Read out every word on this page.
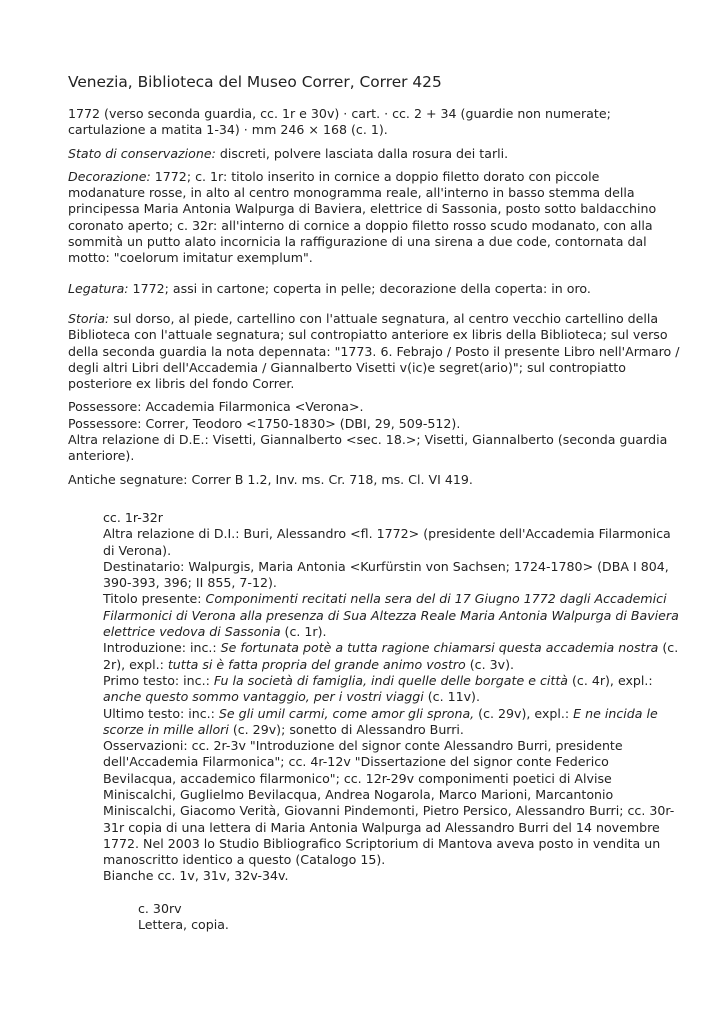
Venezia, Biblioteca del Museo Correr, Correr 425
1772 (verso seconda guardia, cc. 1r e 30v) · cart. · cc. 2 + 34 (guardie non numerate; cartulazione a matita 1-34) · mm 246 × 168 (c. 1).
Stato di conservazione: discreti, polvere lasciata dalla rosura dei tarli.
Decorazione: 1772; c. 1r: titolo inserito in cornice a doppio filetto dorato con piccole modanature rosse, in alto al centro monogramma reale, all'interno in basso stemma della principessa Maria Antonia Walpurga di Baviera, elettrice di Sassonia, posto sotto baldacchino coronato aperto; c. 32r: all'interno di cornice a doppio filetto rosso scudo modanato, con alla sommità un putto alato incornicia la raffigurazione di una sirena a due code, contornata dal motto: "coelorum imitatur exemplum".
Legatura: 1772; assi in cartone; coperta in pelle; decorazione della coperta: in oro.
Storia: sul dorso, al piede, cartellino con l'attuale segnatura, al centro vecchio cartellino della Biblioteca con l'attuale segnatura; sul contropiatto anteriore ex libris della Biblioteca; sul verso della seconda guardia la nota depennata: "1773. 6. Febrajo / Posto il presente Libro nell'Armaro / degli altri Libri dell'Accademia / Giannalberto Visetti v(ic)e segret(ario)"; sul contropiatto posteriore ex libris del fondo Correr.
Possessore: Accademia Filarmonica <Verona>.
Possessore: Correr, Teodoro <1750-1830> (DBI, 29, 509-512).
Altra relazione di D.E.: Visetti, Giannalberto <sec. 18.>; Visetti, Giannalberto (seconda guardia anteriore).
Antiche segnature: Correr B 1.2, Inv. ms. Cr. 718, ms. Cl. VI 419.
cc. 1r-32r
Altra relazione di D.I.: Buri, Alessandro <fl. 1772> (presidente dell'Accademia Filarmonica di Verona).
Destinatario: Walpurgis, Maria Antonia <Kurfürstin von Sachsen; 1724-1780> (DBA I 804, 390-393, 396; II 855, 7-12).
Titolo presente: Componimenti recitati nella sera del di 17 Giugno 1772 dagli Accademici Filarmonici di Verona alla presenza di Sua Altezza Reale Maria Antonia Walpurga di Baviera elettrice vedova di Sassonia (c. 1r).
Introduzione: inc.: Se fortunata potè a tutta ragione chiamarsi questa accademia nostra (c. 2r), expl.: tutta si è fatta propria del grande animo vostro (c. 3v).
Primo testo: inc.: Fu la società di famiglia, indi quelle delle borgate e città (c. 4r), expl.: anche questo sommo vantaggio, per i vostri viaggi (c. 11v).
Ultimo testo: inc.: Se gli umil carmi, come amor gli sprona, (c. 29v), expl.: E ne incida le scorze in mille allori (c. 29v); sonetto di Alessandro Burri.
Osservazioni: cc. 2r-3v "Introduzione del signor conte Alessandro Burri, presidente dell'Accademia Filarmonica"; cc. 4r-12v "Dissertazione del signor conte Federico Bevilacqua, accademico filarmonico"; cc. 12r-29v componimenti poetici di Alvise Miniscalchi, Guglielmo Bevilacqua, Andrea Nogarola, Marco Marioni, Marcantonio Miniscalchi, Giacomo Verità, Giovanni Pindemonti, Pietro Persico, Alessandro Burri; cc. 30r-31r copia di una lettera di Maria Antonia Walpurga ad Alessandro Burri del 14 novembre 1772. Nel 2003 lo Studio Bibliografico Scriptorium di Mantova aveva posto in vendita un manoscritto identico a questo (Catalogo 15).
Bianche cc. 1v, 31v, 32v-34v.
c. 30rv
Lettera, copia.
